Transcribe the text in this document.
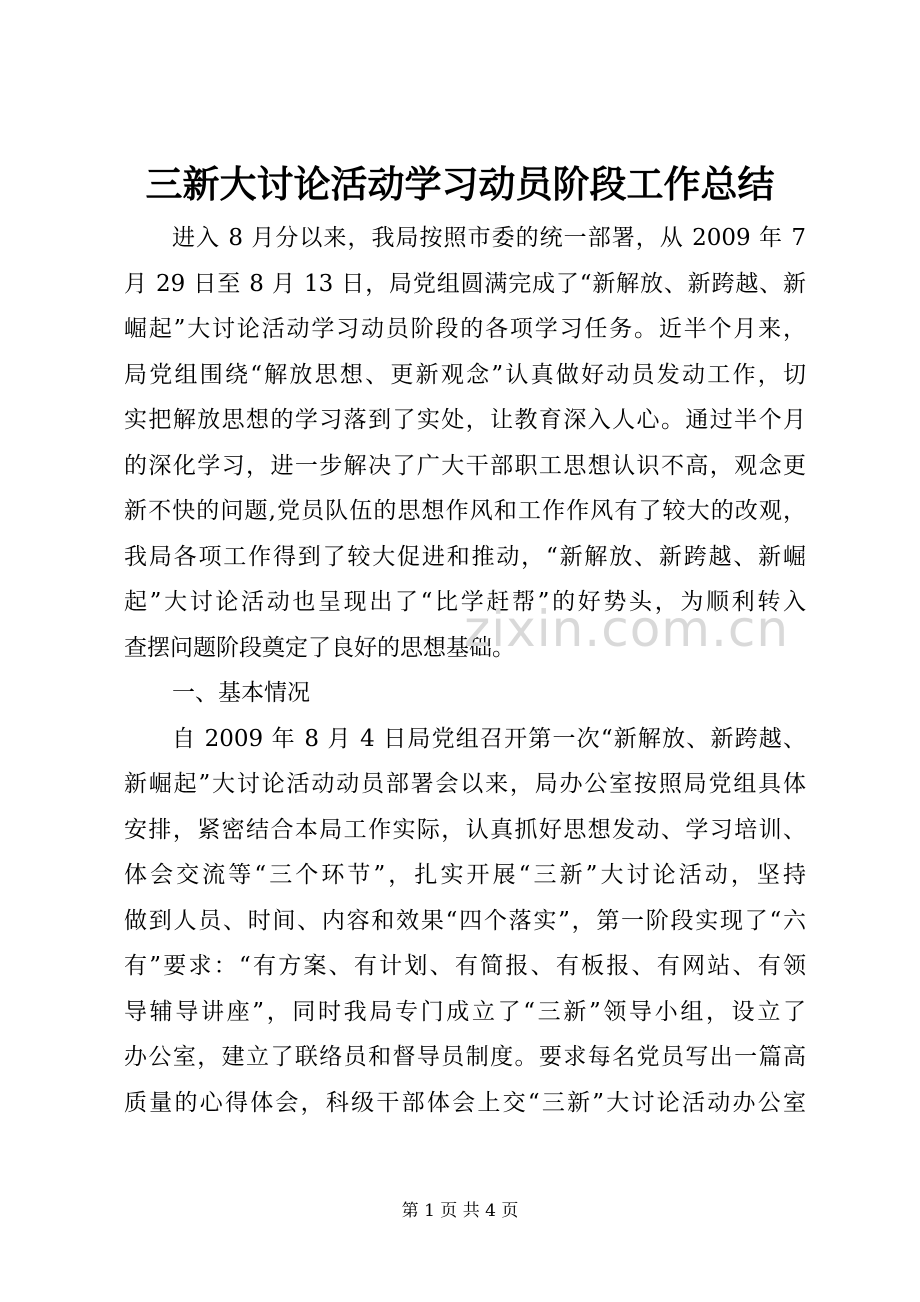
三新大讨论活动学习动员阶段工作总结
进入 8 月分以来，我局按照市委的统一部署，从 2009 年 7
月 29 日至 8 月 13 日，局党组圆满完成了“新解放、新跨越、新
崛起”大讨论活动学习动员阶段的各项学习任务。近半个月来，
局党组围绕“解放思想、更新观念”认真做好动员发动工作，切
实把解放思想的学习落到了实处，让教育深入人心。通过半个月
的深化学习，进一步解决了广大干部职工思想认识不高，观念更
新不快的问题,党员队伍的思想作风和工作作风有了较大的改观，
我局各项工作得到了较大促进和推动，“新解放、新跨越、新崛
起”大讨论活动也呈现出了“比学赶帮”的好势头，为顺利转入
查摆问题阶段奠定了良好的思想基础。
一、基本情况
自 2009 年 8 月 4 日局党组召开第一次“新解放、新跨越、
新崛起”大讨论活动动员部署会以来，局办公室按照局党组具体
安排，紧密结合本局工作实际，认真抓好思想发动、学习培训、
体会交流等“三个环节”，扎实开展“三新”大讨论活动，坚持
做到人员、时间、内容和效果“四个落实”，第一阶段实现了“六
有”要求：“有方案、有计划、有简报、有板报、有网站、有领
导辅导讲座”，同时我局专门成立了“三新”领导小组，设立了
办公室，建立了联络员和督导员制度。要求每名党员写出一篇高
质量的心得体会，科级干部体会上交“三新”大讨论活动办公室
zixin.com.cn
第 1 页 共 4 页
